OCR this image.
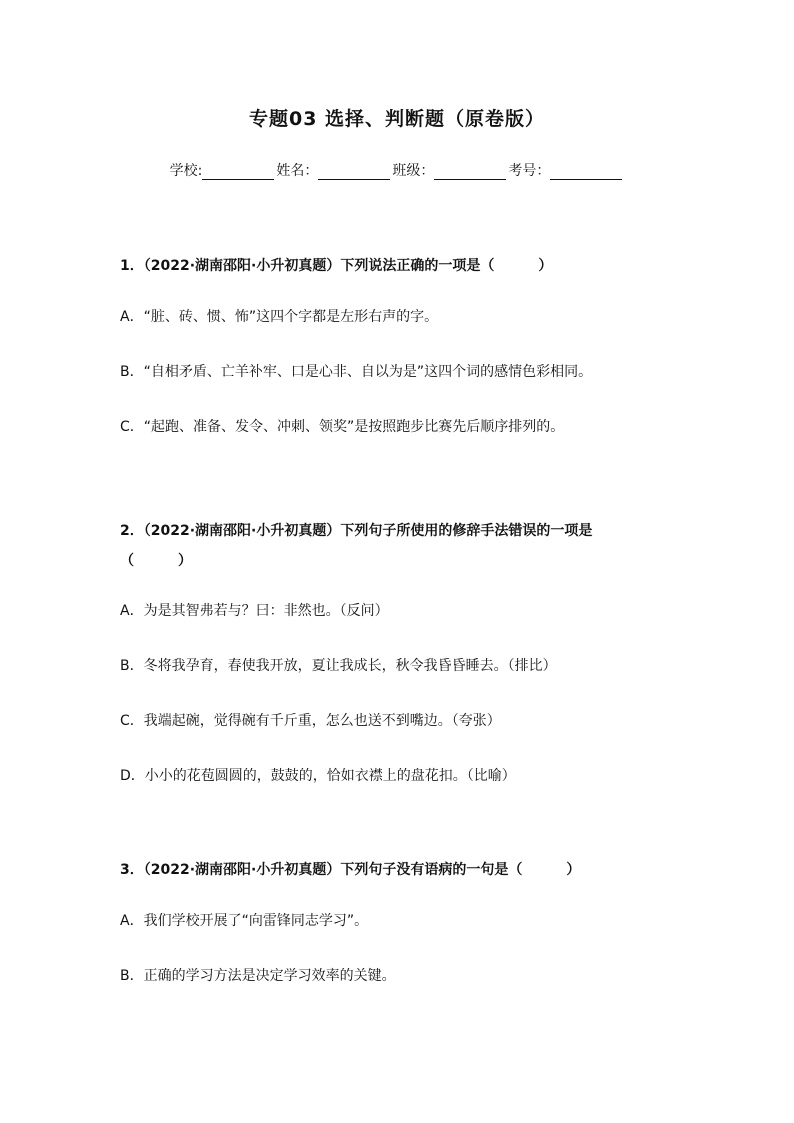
专题03 选择、判断题（原卷版）
学校:	姓名：	班级：	考号：
1．（2022·湖南邵阳·小升初真题）下列说法正确的一项是（	）
A．“脏、砖、惯、怖”这四个字都是左形右声的字。
B．“自相矛盾、亡羊补牢、口是心非、自以为是”这四个词的感情色彩相同。
C．“起跑、准备、发令、冲刺、领奖”是按照跑步比赛先后顺序排列的。
2．（2022·湖南邵阳·小升初真题）下列句子所使用的修辞手法错误的一项是
（	）
A．为是其智弗若与？曰：非然也。（反问）
B．冬将我孕育，春使我开放，夏让我成长，秋令我昏昏睡去。（排比）
C．我端起碗，觉得碗有千斤重，怎么也送不到嘴边。（夸张）
D．小小的花苞圆圆的，鼓鼓的，恰如衣襟上的盘花扣。（比喻）
3．（2022·湖南邵阳·小升初真题）下列句子没有语病的一句是（	）
A．我们学校开展了“向雷锋同志学习”。
B．正确的学习方法是决定学习效率的关键。
